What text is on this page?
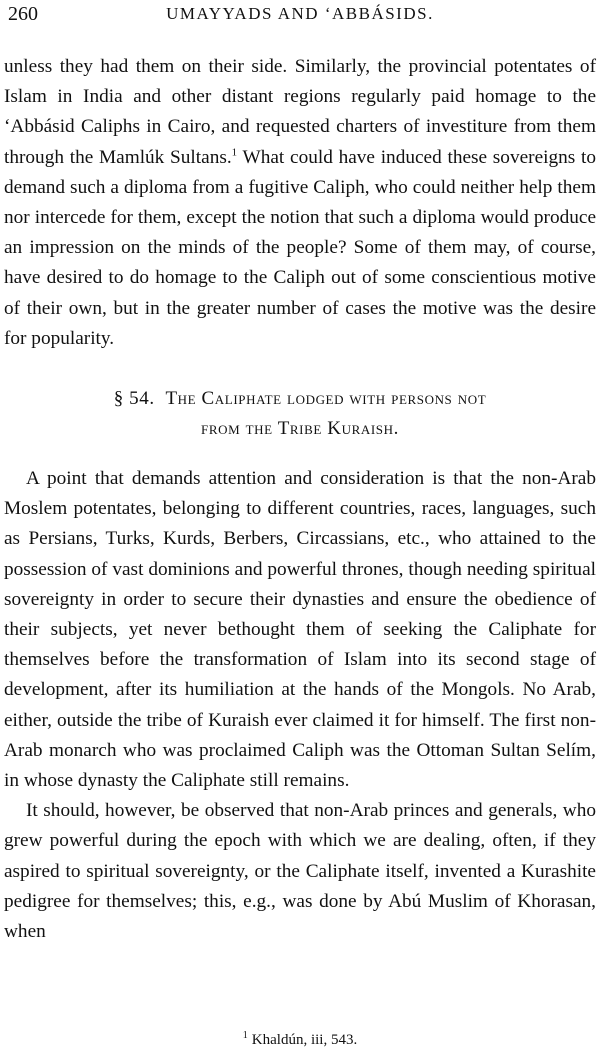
260	UMAYYADS AND ‘ABBÁSIDS.

unless they had them on their side. Similarly, the provincial potentates of Islam in India and other distant regions regularly paid homage to the ‘Abbásid Caliphs in Cairo, and requested charters of investiture from them through the Mamlúk Sultans.$^1$ What could have induced these sovereigns to demand such a diploma from a fugitive Caliph, who could neither help them nor intercede for them, except the notion that such a diploma would produce an impression on the minds of the people? Some of them may, of course, have desired to do homage to the Caliph out of some conscientious motive of their own, but in the greater number of cases the motive was the desire for popularity.

§ 54. The Caliphate lodged with persons not
from the Tribe Kuraish.

A point that demands attention and consideration is that the non-Arab Moslem potentates, belonging to different countries, races, languages, such as Persians, Turks, Kurds, Berbers, Circassians, etc., who attained to the possession of vast dominions and powerful thrones, though needing spiritual sovereignty in order to secure their dynasties and ensure the obedience of their subjects, yet never bethought them of seeking the Caliphate for themselves before the transformation of Islam into its second stage of development, after its humiliation at the hands of the Mongols. No Arab, either, outside the tribe of Kuraish ever claimed it for himself. The first non-Arab monarch who was proclaimed Caliph was the Ottoman Sultan Selím, in whose dynasty the Caliphate still remains.

It should, however, be observed that non-Arab princes and generals, who grew powerful during the epoch with which we are dealing, often, if they aspired to spiritual sovereignty, or the Caliphate itself, invented a Kurashite pedigree for themselves; this, e.g., was done by Abú Muslim of Khorasan, when

$^1$ Khaldún, iii, 543.
